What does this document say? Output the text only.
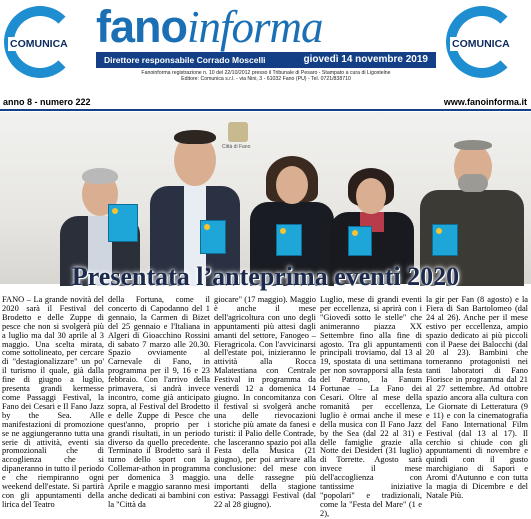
COMUNICA fanoinforma
Direttore responsabile Corrado Moscelli	giovedì 14 novembre 2019
Fanoinforma registrazione n. 10 del 22/10/2012 presso il Tribunale di Pesaro - Stampato a cura di Ligostelne
Editore: Comunica s.r.l. - via Nini, 3 - 61032 Fano (PU) - Tel. 0721/838710
COMUNICA
anno 8 - numero 222	www.fanoinforma.it
Città di Fano
Presentata l’anteprima eventi 2020

FANO – La grande novità del 2020 sarà il Festival del Brodetto e delle Zuppe di pesce che non si svolgerà più a luglio ma dal 30 aprile al 3 maggio. Una scelta mirata, come sottolineato, per cercare di "destagionalizzare" un po' il turismo il quale, già dalla fine di giugno a luglio, presenta grandi kermesse come Passaggi Festival, la Fano dei Cesari e Il Fano Jazz by the Sea. Alle manifestazioni di promozione se ne aggiungeranno tutta una serie di attività, eventi sia promozionali che di accoglienza che si dipaneranno in tutto il periodo e che riempiranno ogni weekend dell'estate. Si partirà con gli appuntamenti della lirica del Teatro

della Fortuna, come il concerto di Capodanno del 1 gennaio, la Carmen di Bizet del 25 gennaio e l'Italiana in Algeri di Gioacchino Rossini di sabato 7 marzo alle 20.30. Spazio ovviamente al Carnevale di Fano, in programma per il 9, 16 e 23 febbraio. Con l'arrivo della primavera, si andrà invece incontro, come già anticipato sopra, al Festival del Brodetto e delle Zuppe di Pesce che quest'anno, proprio per i grandi risultati, in un periodo diverso da quello precedente. Terminato il Brodetto sarà il turno dello sport con la Collemar-athon in programma per domenica 3 maggio. Aprile e maggio saranno mesi anche dedicati ai bambini con la "Città da

giocare" (17 maggio). Maggio è anche il mese dell'agricoltura con uno degli appuntamenti più attesi dagli amanti del settore, Fanogeo – Fieragricola. Con l'avvicinarsi dell'estate poi, inizieranno le attività alla Rocca Malatestiana con Centrale Festival in programma da venerdì 12 a domenica 14 giugno. In concomitanza con il festival si svolgerà anche una delle rievocazioni storiche più amate da fanesi e turisti: il Palio delle Contrade, che lasceranno spazio poi alla Festa della Musica (21 giugno), per poi arrivare alla conclusione: del mese con una delle rassegne più importanti della stagione estiva: Passaggi Festival (dal 22 al 28 giugno).

Luglio, mese di grandi eventi per eccellenza, si aprirà con i "Giovedì sotto le stelle" che animeranno piazza XX Settembre fino alla fine di agosto. Tra gli appuntamenti principali troviamo, dal 13 al 19, spostata di una settimana per non sovrapporsi alla festa del Patrono, la Fanum Fortunae – La Fano dei Cesari. Oltre al mese della romanità per eccellenza, luglio è ormai anche il mese della musica con Il Fano Jazz by the Sea (dal 22 al 31) e delle famiglie grazie alla Notte dei Desideri (31 luglio) di Torrette. Agosto sarà invece il mese dell'accoglienza con tantissime iniziative "popolari" e tradizionali, come la "Festa del Mare" (1 e 2),

la gir per Fan (8 agosto) e la Fiera di San Bartolomeo (dal 24 al 26). Anche per il mese estivo per eccellenza, ampio spazio dedicato ai più piccoli con il Paese dei Balocchi (dal 20 al 23). Bambini che torneranno protagonisti nei tanti laboratori di Fano Fiorisce in programma dal 21 al 27 settembre. Ad ottobre spazio ancora alla cultura con Le Giornate di Letteratura (9 e 11) e con la cinematografia del Fano International Film Festival (dal 13 al 17). Il cerchio si chiude con gli appuntamenti di novembre e quindi con il gusto marchigiano di Sapori e Aromi d'Autunno e con tutta la magia di Dicembre e del Natale Più.
